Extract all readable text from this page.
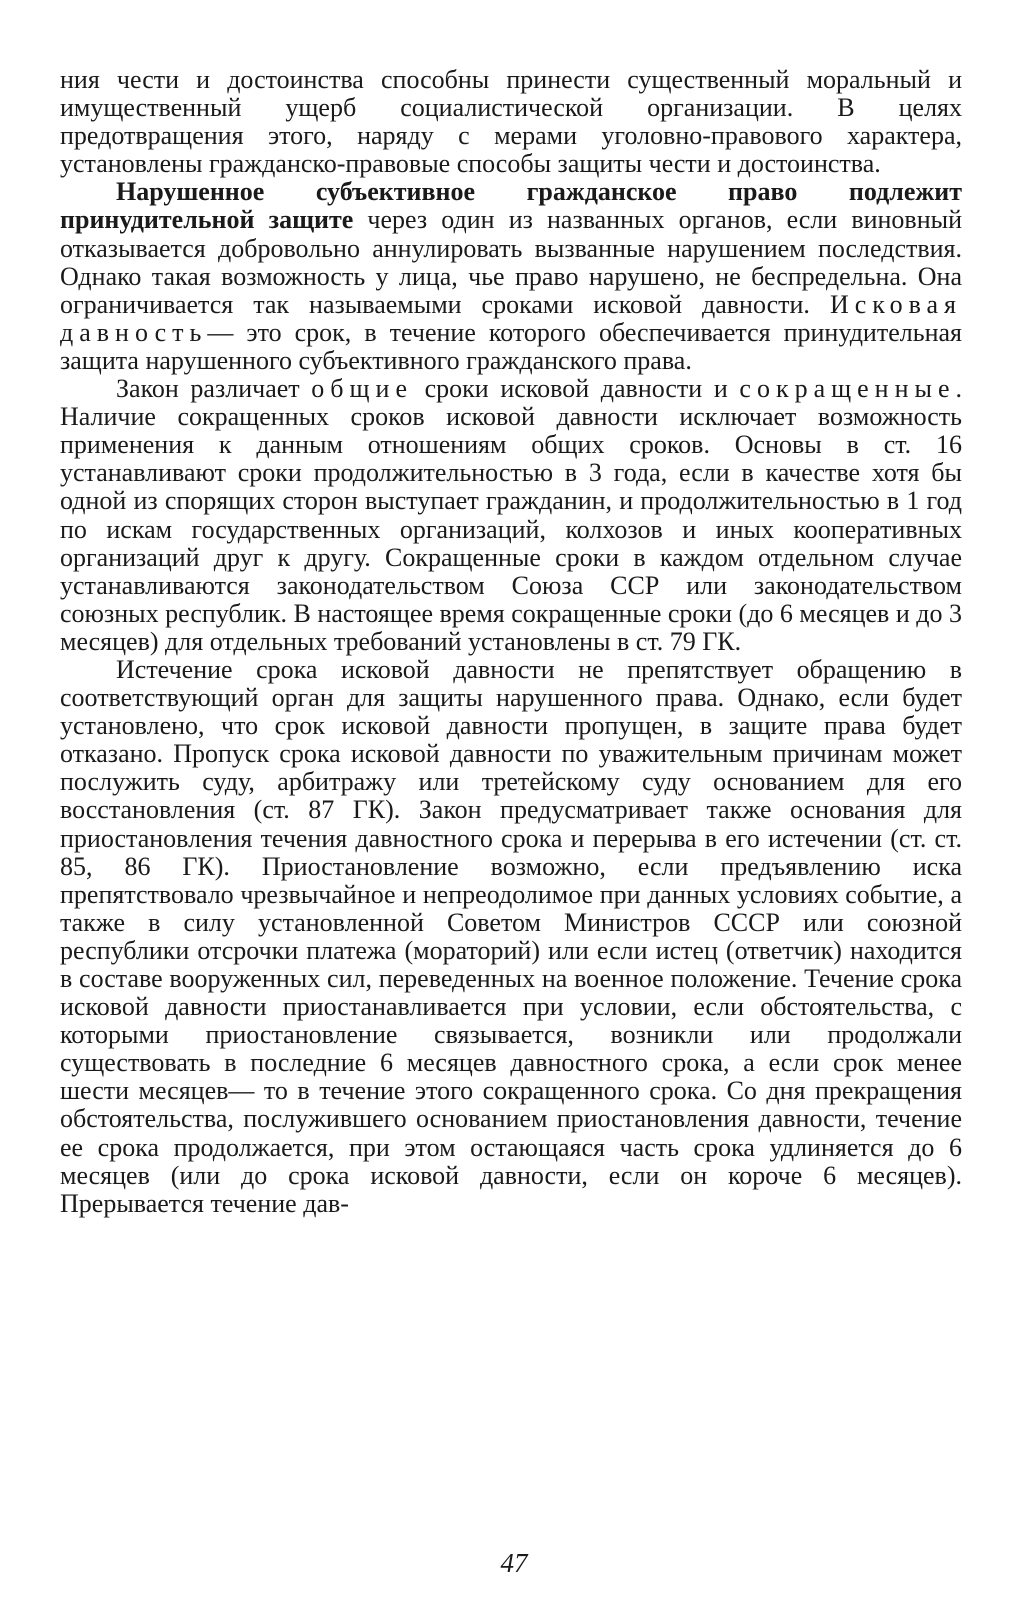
ния чести и достоинства способны принести существенный моральный и имущественный ущерб социалистической организации. В целях предотвращения этого, наряду с мерами уголовно-правового характера, установлены гражданско-правовые способы защиты чести и достоинства.

Нарушенное субъективное гражданское право подлежит принудительной защите через один из названных органов, если виновный отказывается добровольно аннулировать вызванные нарушением последствия. Однако такая возможность у лица, чье право нарушено, не беспредельна. Она ограничивается так называемыми сроками исковой давности. Исковая давность— это срок, в течение которого обеспечивается принудительная защита нарушенного субъективного гражданского права.

Закон различает общие сроки исковой давности и сокращенные. Наличие сокращенных сроков исковой давности исключает возможность применения к данным отношениям общих сроков. Основы в ст. 16 устанавливают сроки продолжительностью в 3 года, если в качестве хотя бы одной из спорящих сторон выступает гражданин, и продолжительностью в 1 год по искам государственных организаций, колхозов и иных кооперативных организаций друг к другу. Сокращенные сроки в каждом отдельном случае устанавливаются законодательством Союза ССР или законодательством союзных республик. В настоящее время сокращенные сроки (до 6 месяцев и до 3 месяцев) для отдельных требований установлены в ст. 79 ГК.

Истечение срока исковой давности не препятствует обращению в соответствующий орган для защиты нарушенного права. Однако, если будет установлено, что срок исковой давности пропущен, в защите права будет отказано. Пропуск срока исковой давности по уважительным причинам может послужить суду, арбитражу или третейскому суду основанием для его восстановления (ст. 87 ГК). Закон предусматривает также основания для приостановления течения давностного срока и перерыва в его истечении (ст. ст. 85, 86 ГК). Приостановление возможно, если предъявлению иска препятствовало чрезвычайное и непреодолимое при данных условиях событие, а также в силу установленной Советом Министров СССР или союзной республики отсрочки платежа (мораторий) или если истец (ответчик) находится в составе вооруженных сил, переведенных на военное положение. Течение срока исковой давности приостанавливается при условии, если обстоятельства, с которыми приостановление связывается, возникли или продолжали существовать в последние 6 месяцев давностного срока, а если срок менее шести месяцев— то в течение этого сокращенного срока. Со дня прекращения обстоятельства, послужившего основанием приостановления давности, течение ее срока продолжается, при этом остающаяся часть срока удлиняется до 6 месяцев (или до срока исковой давности, если он короче 6 месяцев). Прерывается течение дав-

47
